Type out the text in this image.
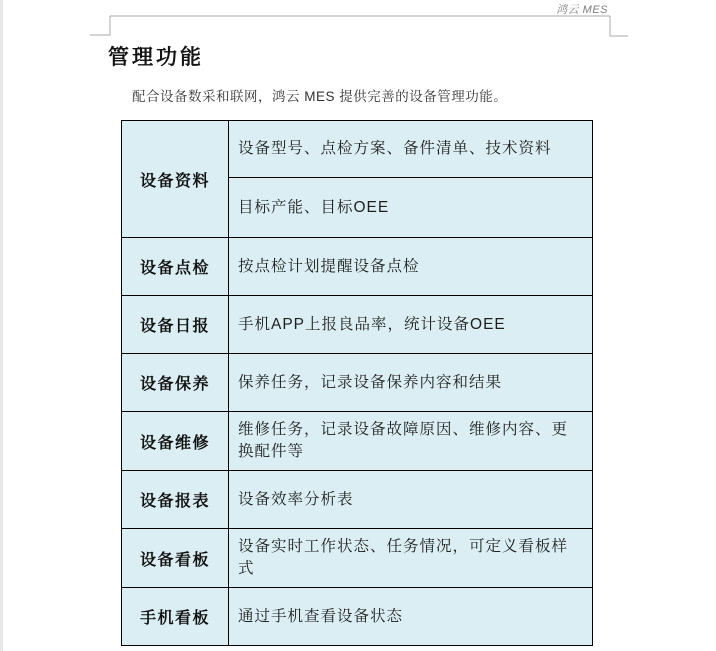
鸿云 MES
管理功能
配合设备数采和联网，鸿云 MES 提供完善的设备管理功能。
设备资料	设备型号、点检方案、备件清单、技术资料
	目标产能、目标OEE
设备点检	按点检计划提醒设备点检
设备日报	手机APP上报良品率，统计设备OEE
设备保养	保养任务，记录设备保养内容和结果
设备维修	维修任务，记录设备故障原因、维修内容、更换配件等
设备报表	设备效率分析表
设备看板	设备实时工作状态、任务情况，可定义看板样式
手机看板	通过手机查看设备状态
